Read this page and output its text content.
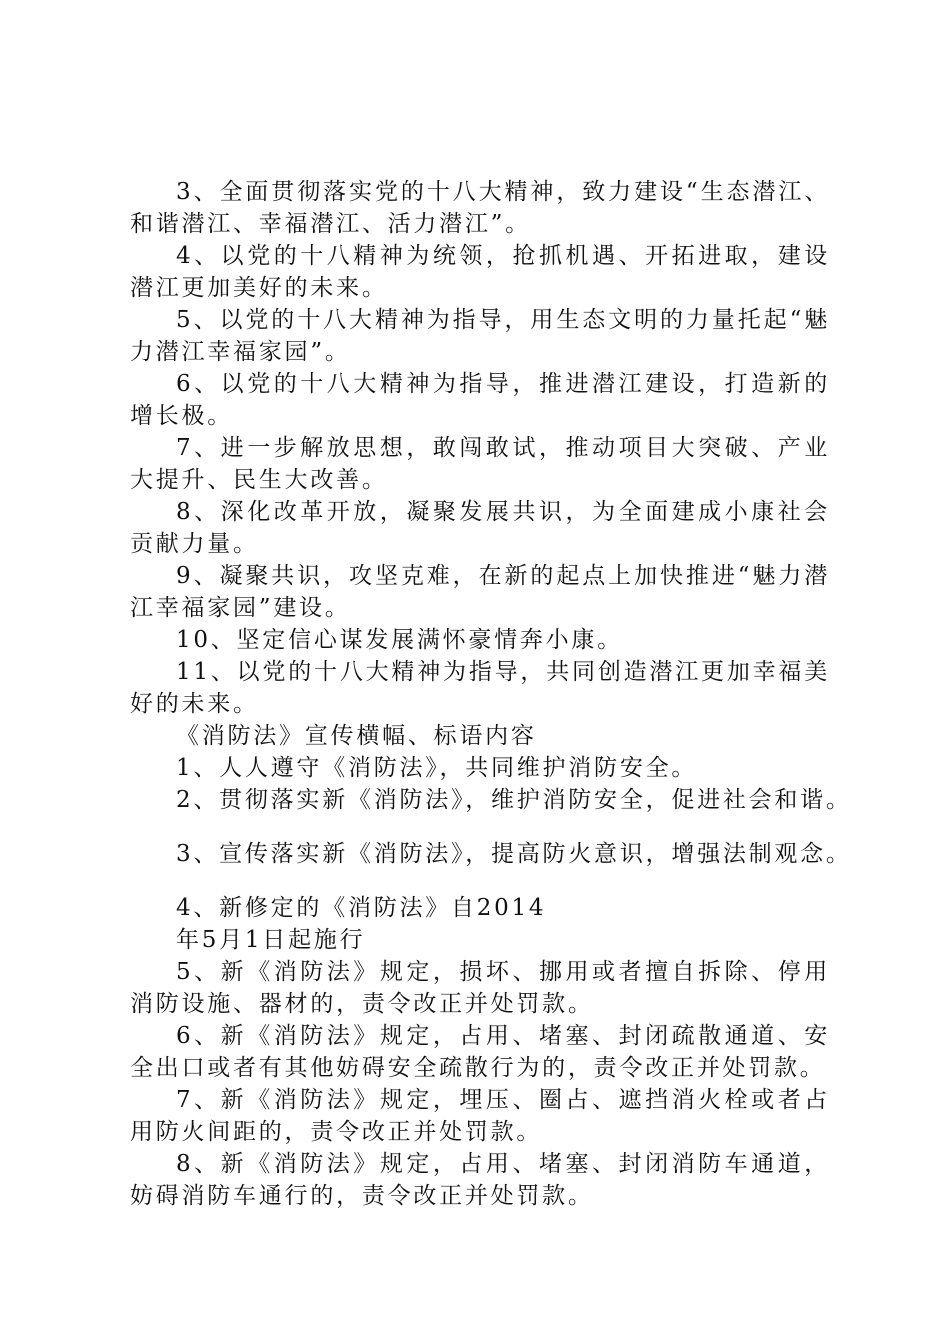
3、全面贯彻落实党的十八大精神，致力建设“生态潜江、和谐潜江、幸福潜江、活力潜江”。
4、以党的十八精神为统领，抢抓机遇、开拓进取，建设潜江更加美好的未来。
5、以党的十八大精神为指导，用生态文明的力量托起“魅力潜江幸福家园”。
6、以党的十八大精神为指导，推进潜江建设，打造新的增长极。
7、进一步解放思想，敢闯敢试，推动项目大突破、产业大提升、民生大改善。
8、深化改革开放，凝聚发展共识，为全面建成小康社会贡献力量。
9、凝聚共识，攻坚克难，在新的起点上加快推进“魅力潜江幸福家园”建设。
10、坚定信心谋发展满怀豪情奔小康。
11、以党的十八大精神为指导，共同创造潜江更加幸福美好的未来。
《消防法》宣传横幅、标语内容
1、人人遵守《消防法》，共同维护消防安全。
2、贯彻落实新《消防法》，维护消防安全，促进社会和谐。
3、宣传落实新《消防法》，提高防火意识，增强法制观念。
4、新修定的《消防法》自2014
年5月1日起施行
5、新《消防法》规定，损坏、挪用或者擅自拆除、停用消防设施、器材的，责令改正并处罚款。
6、新《消防法》规定，占用、堵塞、封闭疏散通道、安全出口或者有其他妨碍安全疏散行为的，责令改正并处罚款。
7、新《消防法》规定，埋压、圈占、遮挡消火栓或者占用防火间距的，责令改正并处罚款。
8、新《消防法》规定，占用、堵塞、封闭消防车通道，妨碍消防车通行的，责令改正并处罚款。
